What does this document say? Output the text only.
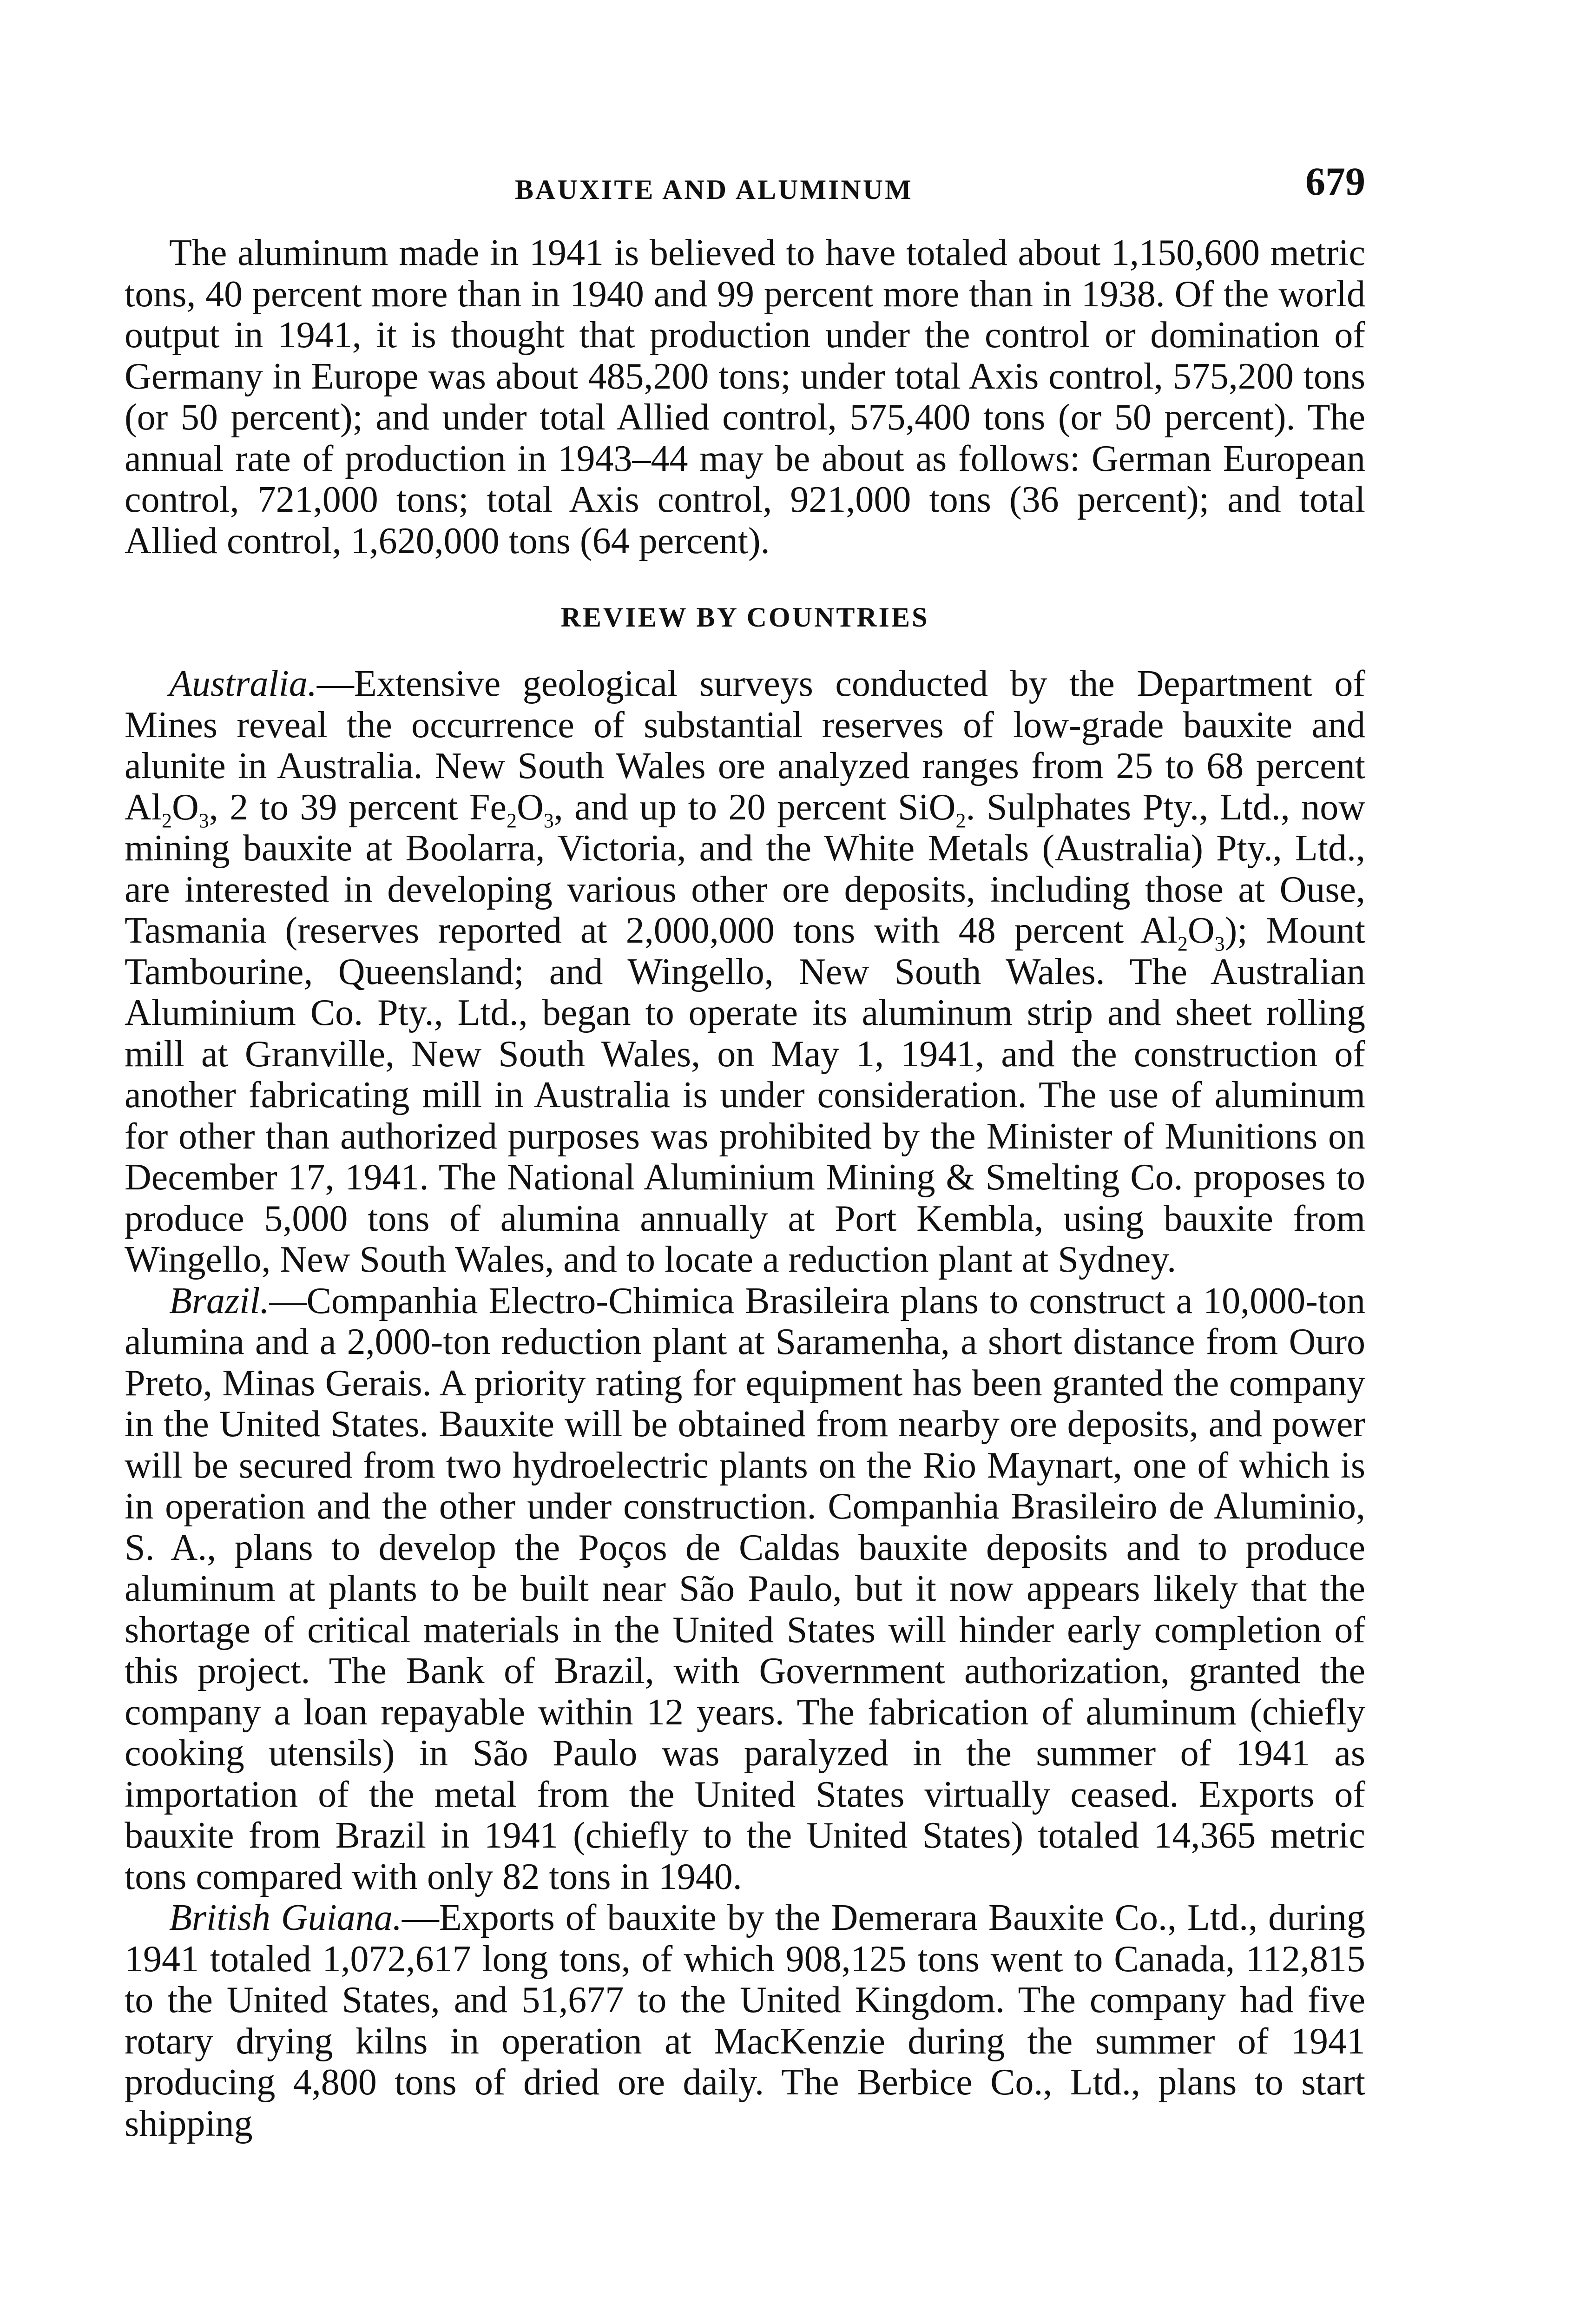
BAUXITE AND ALUMINUM	679

The aluminum made in 1941 is believed to have totaled about 1,150,600 metric tons, 40 percent more than in 1940 and 99 percent more than in 1938. Of the world output in 1941, it is thought that production under the control or domination of Germany in Europe was about 485,200 tons; under total Axis control, 575,200 tons (or 50 percent); and under total Allied control, 575,400 tons (or 50 percent). The annual rate of production in 1943–44 may be about as follows: German European control, 721,000 tons; total Axis control, 921,000 tons (36 percent); and total Allied control, 1,620,000 tons (64 percent).

REVIEW BY COUNTRIES

Australia.—Extensive geological surveys conducted by the Department of Mines reveal the occurrence of substantial reserves of low-grade bauxite and alunite in Australia. New South Wales ore analyzed ranges from 25 to 68 percent $Al_2O_3$, 2 to 39 percent $Fe_2O_3$, and up to 20 percent SiO$_2$. Sulphates Pty., Ltd., now mining bauxite at Boolarra, Victoria, and the White Metals (Australia) Pty., Ltd., are interested in developing various other ore deposits, including those at Ouse, Tasmania (reserves reported at 2,000,000 tons with 48 percent $Al_2O_3$); Mount Tambourine, Queensland; and Wingello, New South Wales. The Australian Aluminium Co. Pty., Ltd., began to operate its aluminum strip and sheet rolling mill at Granville, New South Wales, on May 1, 1941, and the construction of another fabricating mill in Australia is under consideration. The use of aluminum for other than authorized purposes was prohibited by the Minister of Munitions on December 17, 1941. The National Aluminium Mining & Smelting Co. proposes to produce 5,000 tons of alumina annually at Port Kembla, using bauxite from Wingello, New South Wales, and to locate a reduction plant at Sydney.

Brazil.—Companhia Electro-Chimica Brasileira plans to construct a 10,000-ton alumina and a 2,000-ton reduction plant at Saramenha, a short distance from Ouro Preto, Minas Gerais. A priority rating for equipment has been granted the company in the United States. Bauxite will be obtained from nearby ore deposits, and power will be secured from two hydroelectric plants on the Rio Maynart, one of which is in operation and the other under construction. Companhia Brasileiro de Aluminio, S. A., plans to develop the Poços de Caldas bauxite deposits and to produce aluminum at plants to be built near São Paulo, but it now appears likely that the shortage of critical materials in the United States will hinder early completion of this project. The Bank of Brazil, with Government authorization, granted the company a loan repayable within 12 years. The fabrication of aluminum (chiefly cooking utensils) in São Paulo was paralyzed in the summer of 1941 as importation of the metal from the United States virtually ceased. Exports of bauxite from Brazil in 1941 (chiefly to the United States) totaled 14,365 metric tons compared with only 82 tons in 1940.

British Guiana.—Exports of bauxite by the Demerara Bauxite Co., Ltd., during 1941 totaled 1,072,617 long tons, of which 908,125 tons went to Canada, 112,815 to the United States, and 51,677 to the United Kingdom. The company had five rotary drying kilns in operation at MacKenzie during the summer of 1941 producing 4,800 tons of dried ore daily. The Berbice Co., Ltd., plans to start shipping
